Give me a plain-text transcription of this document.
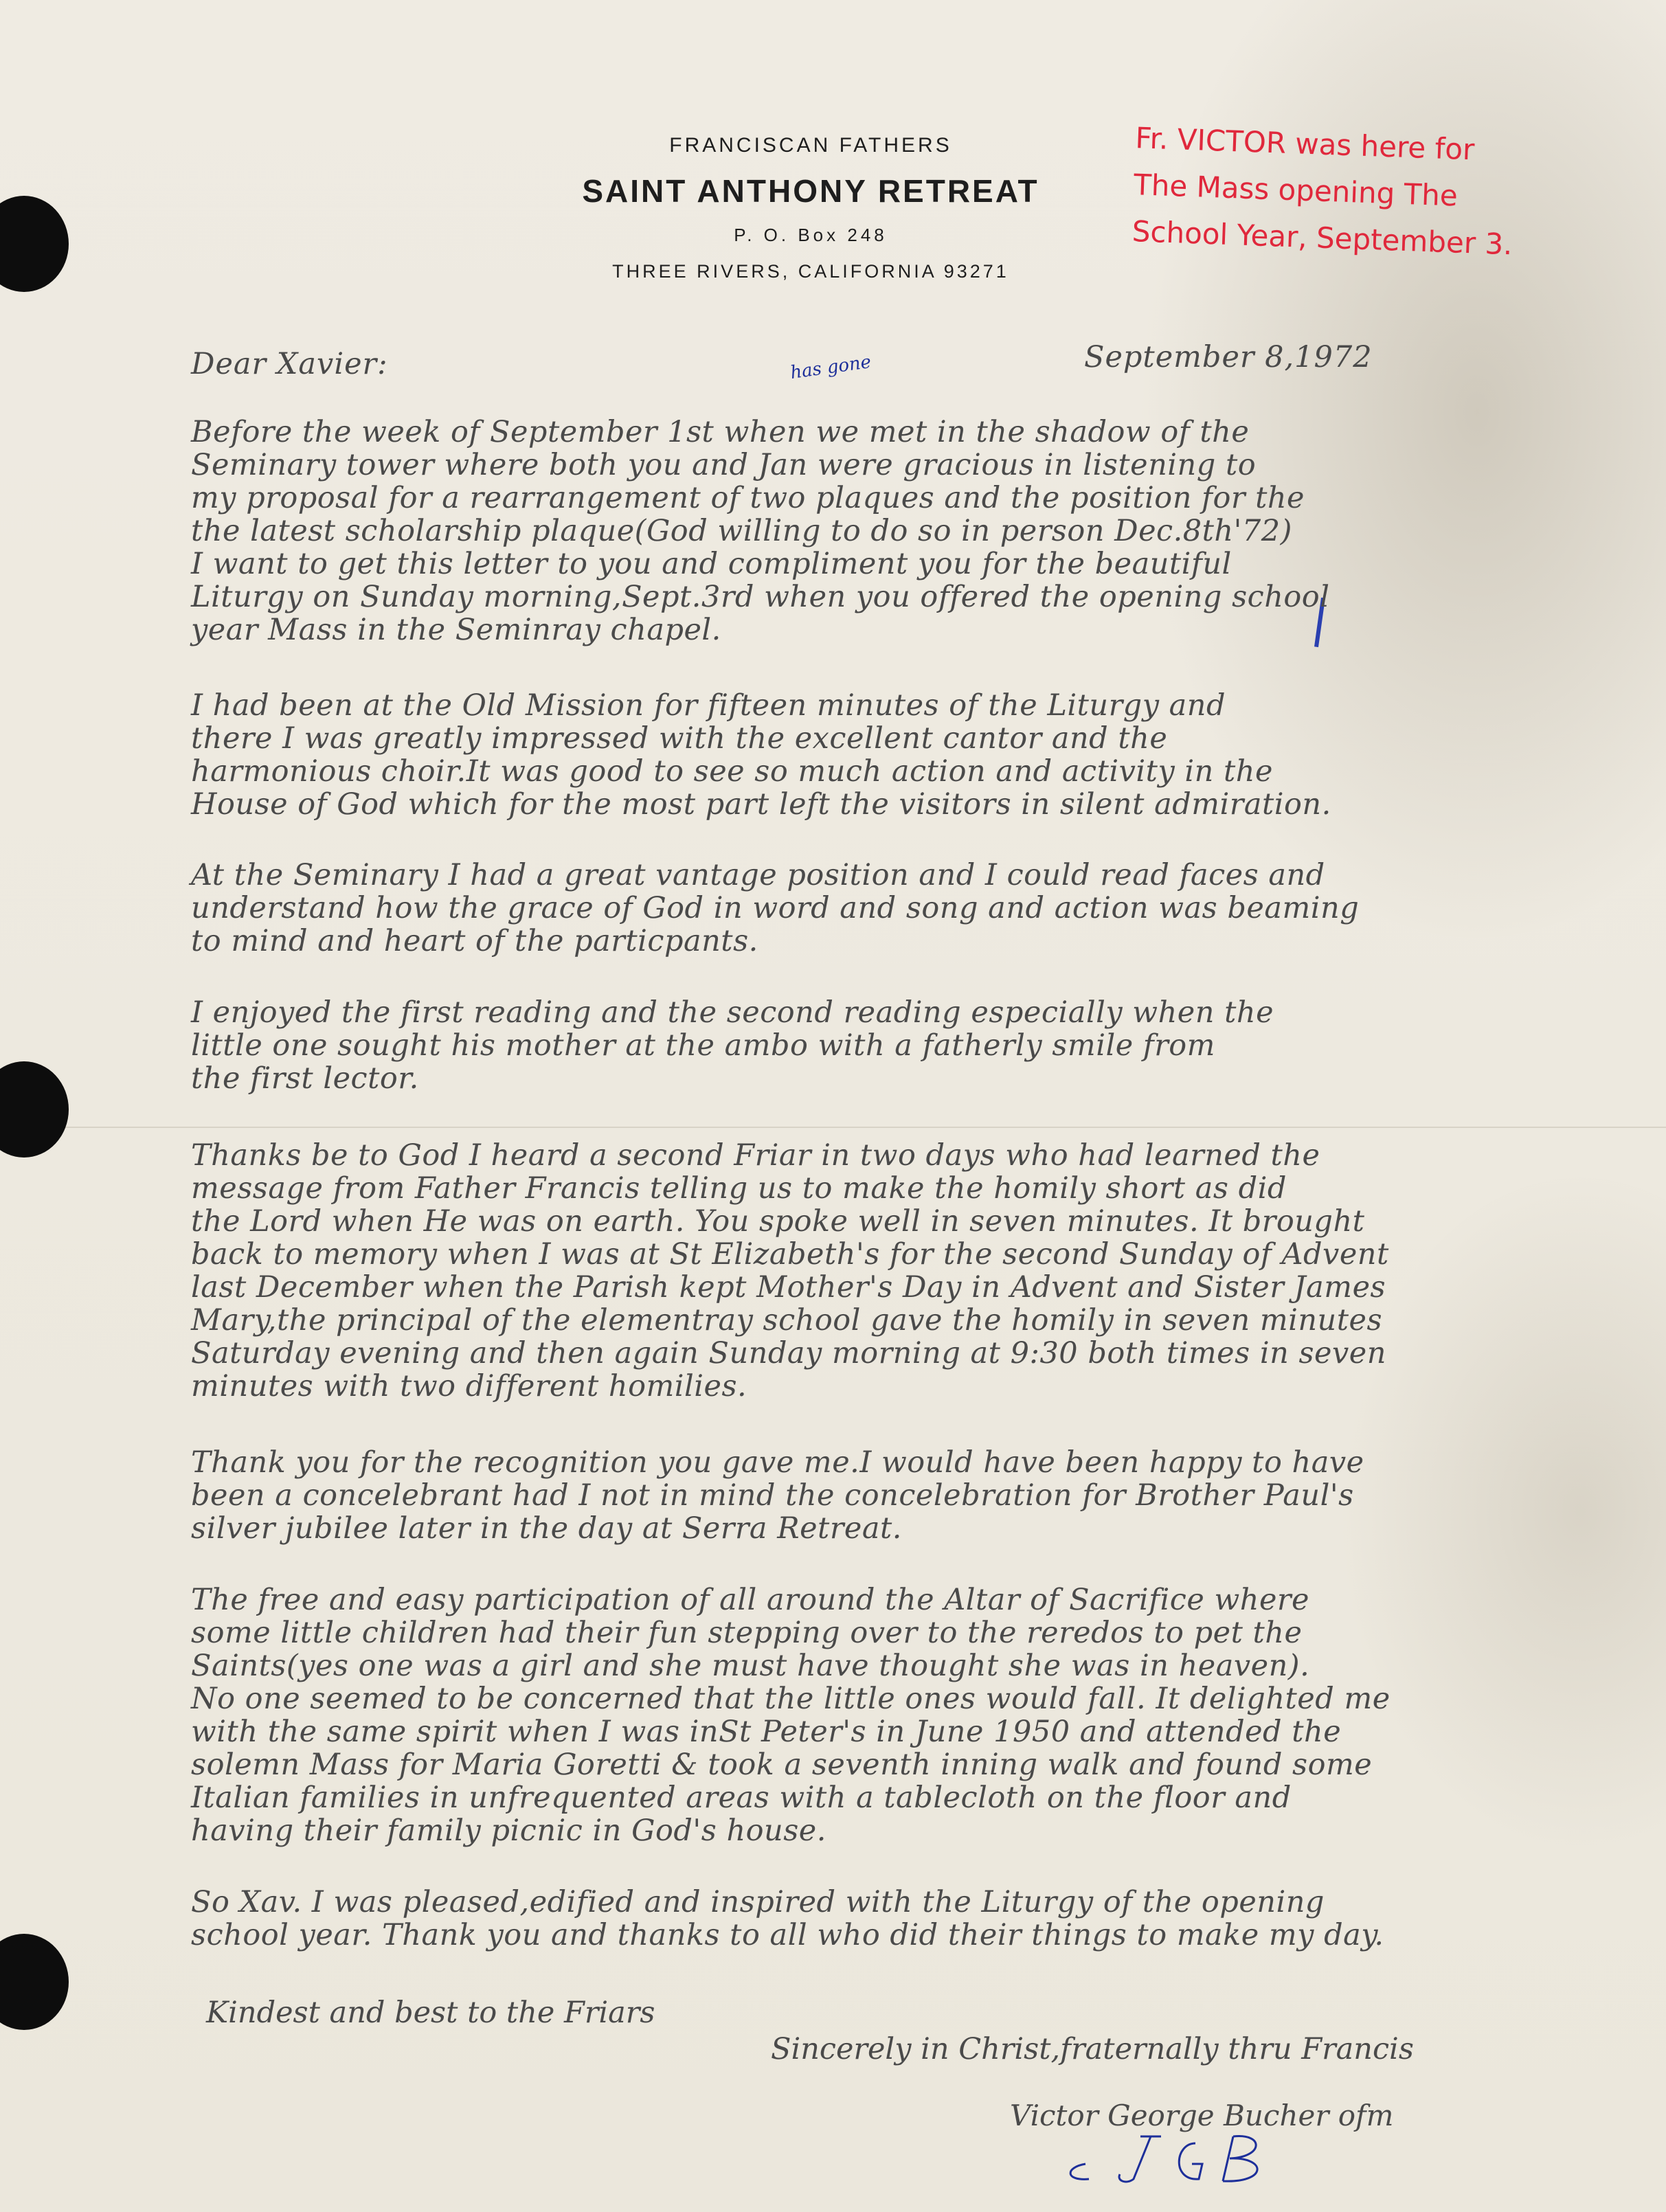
FRANCISCAN FATHERS
SAINT ANTHONY RETREAT
P. O. Box 248
THREE RIVERS, CALIFORNIA 93271
Fr. VICTOR was here for
The Mass opening The
School Year, September 3.
has gone
Dear Xavier:	September 8,1972
Before the week of September 1st when we met in the shadow of the
Seminary tower where both you and Jan were gracious in listening to
my proposal for a rearrangement of two plaques and the position for the
the latest scholarship plaque(God willing to do so in person Dec.8th'72)
I want to get this letter to you and compliment you for the beautiful
Liturgy on Sunday morning,Sept.3rd when you offered the opening school
year Mass in the Seminray chapel.
I had been at the Old Mission for fifteen minutes of the Liturgy and
there I was greatly impressed with the excellent cantor and the
harmonious choir.It was good to see so much action and activity in the
House of God which for the most part left the visitors in silent admiration.
At the Seminary I had a great vantage position and I could read faces and
understand how the grace of God in word and song and action was beaming
to mind and heart of the particpants.
I enjoyed the first reading and the second reading especially when the
little one sought his mother at the ambo with a fatherly smile from
the first lector.
Thanks be to God I heard a second Friar in two days who had learned the
message from Father Francis telling us to make the homily short as did
the Lord when He was on earth. You spoke well in seven minutes. It brought
back to memory when I was at St Elizabeth's for the second Sunday of Advent
last December when the Parish kept Mother's Day in Advent and Sister James
Mary,the principal of the elementray school gave the homily in seven minutes
Saturday evening and then again Sunday morning at 9:30 both times in seven
minutes with two different homilies.
Thank you for the recognition you gave me.I would have been happy to have
been a concelebrant had I not in mind the concelebration for Brother Paul's
silver jubilee later in the day at Serra Retreat.
The free and easy participation of all around the Altar of Sacrifice where
some little children had their fun stepping over to the reredos to pet the
Saints(yes one was a girl and she must have thought she was in heaven).
No one seemed to be concerned that the little ones would fall. It delighted me
with the same spirit when I was inSt Peter's in June 1950 and attended the
solemn Mass for Maria Goretti & took a seventh inning walk and found some
Italian families in unfrequented areas with a tablecloth on the floor and
having their family picnic in God's house.
So Xav. I was pleased,edified and inspired with the Liturgy of the opening
school year. Thank you and thanks to all who did their things to make my day.
Kindest and best to the Friars
Sincerely in Christ,fraternally thru Francis
Victor George Bucher ofm
